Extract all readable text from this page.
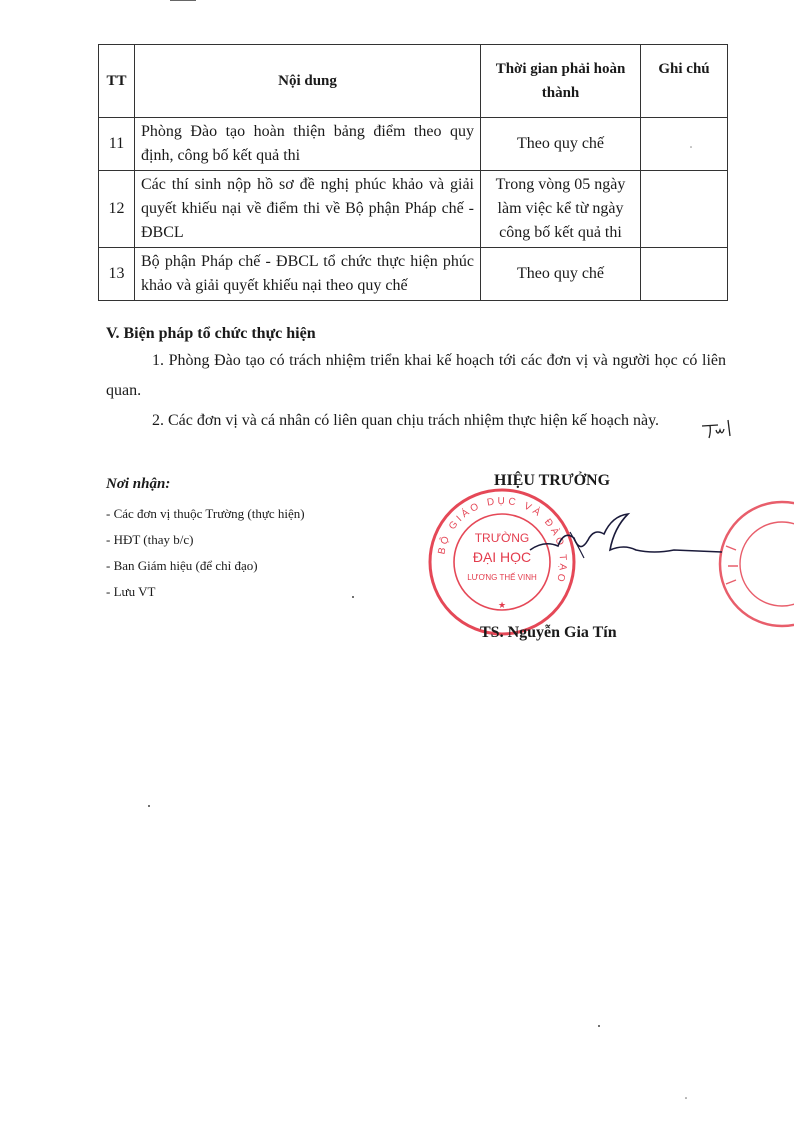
TT	Nội dung	Thời gian phải hoàn thành	Ghi chú
11	Phòng Đào tạo hoàn thiện bảng điểm theo quy định, công bố kết quả thi	Theo quy chế	
12	Các thí sinh nộp hồ sơ đề nghị phúc khảo và giải quyết khiếu nại về điểm thi về Bộ phận Pháp chế - ĐBCL	Trong vòng 05 ngày làm việc kể từ ngày công bố kết quả thi	
13	Bộ phận Pháp chế - ĐBCL tổ chức thực hiện phúc khảo và giải quyết khiếu nại theo quy chế	Theo quy chế	
V. Biện pháp tổ chức thực hiện

1. Phòng Đào tạo có trách nhiệm triển khai kế hoạch tới các đơn vị và người học có liên quan.

2. Các đơn vị và cá nhân có liên quan chịu trách nhiệm thực hiện kế hoạch này.

Nơi nhận:
- Các đơn vị thuộc Trường (thực hiện)
- HĐT (thay b/c)
- Ban Giám hiệu (để chỉ đạo)
- Lưu VT
HIỆU TRƯỞNG
BỘ GIÁO DỤC VÀ ĐÀO TẠO
TRƯỜNG
ĐẠI HỌC
LƯƠNG THẾ VINH
★
TS. Nguyễn Gia Tín
